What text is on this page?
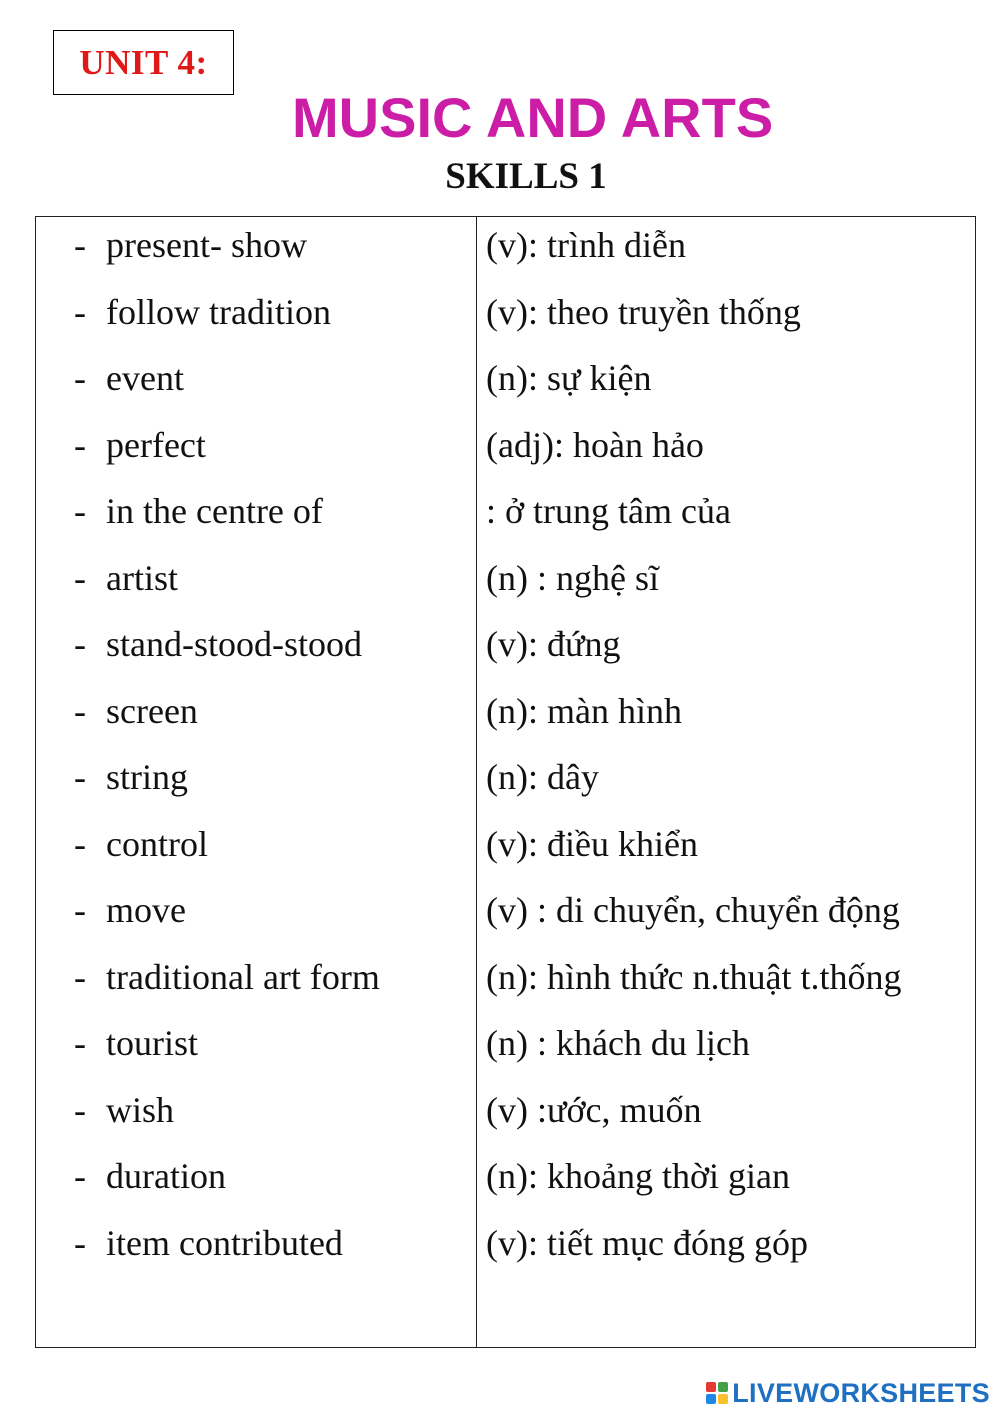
UNIT 4:
MUSIC AND ARTS
SKILLS 1
- present- show	(v): trình diễn
- follow tradition	(v): theo truyền thống
- event	(n): sự kiện
- perfect	(adj): hoàn hảo
- in the centre of	: ở trung tâm của
- artist	(n) : nghệ sĩ
- stand-stood-stood	(v): đứng
- screen	(n): màn hình
- string	(n): dây
- control	(v): điều khiển
- move	(v) : di chuyển, chuyển động
- traditional art form	(n): hình thức n.thuật t.thống
- tourist	(n) : khách du lịch
- wish	(v) :ước, muốn
- duration	(n): khoảng thời gian
- item contributed	(v): tiết mục đóng góp
LIVEWORKSHEETS
